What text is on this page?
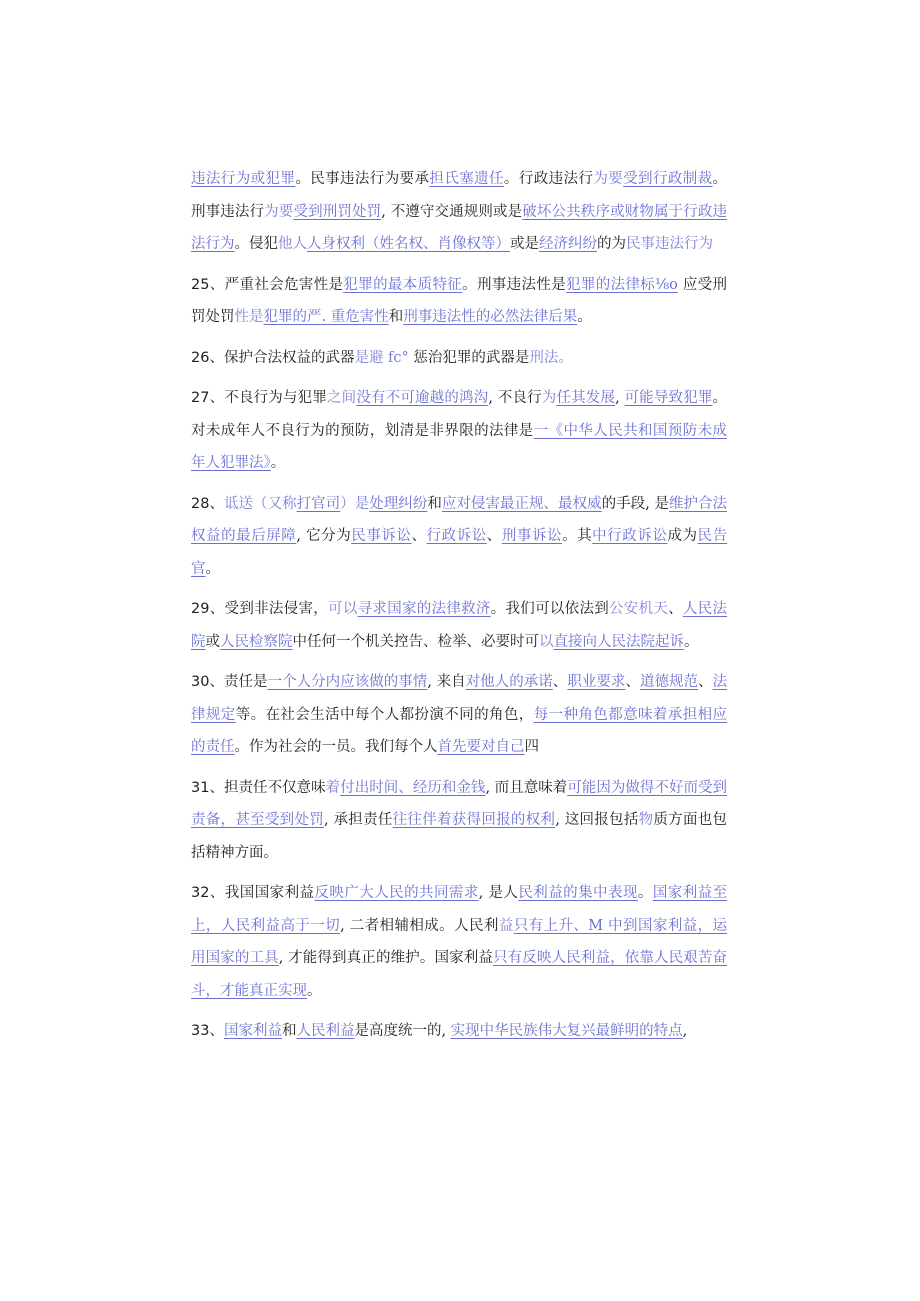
违法行为或犯罪。民事违法行为要承担氏塞遗任。行政违法行为要受到行政制裁。刑事违法行为要受到刑罚处罚, 不遵守交通规则或是破坏公共秩序或财物属于行政违法行为。侵犯他人人身权利（姓名权、肖像权等）或是经济纠纷的为民事违法行为

25、严重社会危害性是犯罪的最本质特征。刑事违法性是犯罪的法律标⅛o 应受刑罚处罚性是犯罪的严. 重危害性和刑事违法性的必然法律后果。

26、保护合法权益的武器是避 fc° 惩治犯罪的武器是刑法。

27、不良行为与犯罪之间没有不可逾越的鸿沟, 不良行为任其发展, 可能导致犯罪。对未成年人不良行为的预防，划清是非界限的法律是一《中华人民共和国预防未成年人犯罪法》。

28、诋送（又称打官司）是处理纠纷和应对侵害最正规、最权威的手段, 是维护合法权益的最后屏障, 它分为民事诉讼、行政诉讼、刑事诉讼。其中行政诉讼成为民告官。

29、受到非法侵害，可以寻求国家的法律救济。我们可以依法到公安机天、人民法院或人民检察院中任何一个机关控告、检举、必要时可以直接向人民法院起诉。

30、责任是一个人分内应该做的事情, 来自对他人的承诺、职业要求、道德规范、法律规定等。在社会生活中每个人都扮演不同的角色，每一种角色都意味着承担相应的责任。作为社会的一员。我们每个人首先要对自己四

31、担责任不仅意味着付出时间、经历和金钱, 而且意味着可能因为做得不好而受到责备，甚至受到处罚, 承担责任往往伴着获得回报的权利, 这回报包括物质方面也包括精神方面。

32、我国国家利益反映广大人民的共同需求, 是人民利益的集中表现。国家利益至上，人民利益高于一切, 二者相辅相成。人民利益只有上升、M 中到国家利益，运用国家的工具, 才能得到真正的维护。国家利益只有反映人民利益，依靠人民艰苦奋斗，才能真正实现。

33、国家利益和人民利益是高度统一的, 实现中华民族伟大复兴最鲜明的特点,
